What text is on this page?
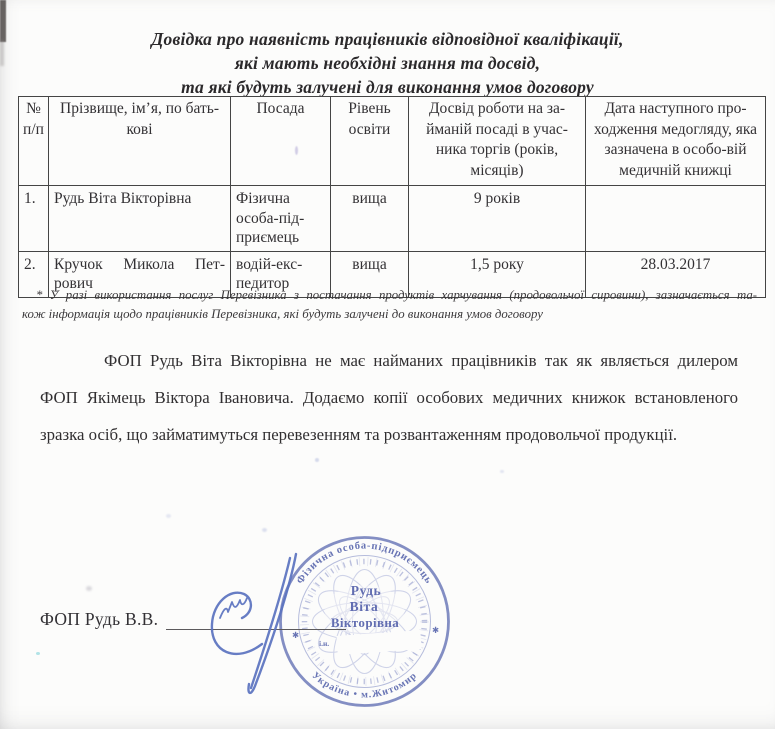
Довідка про наявність працівників відповідної кваліфікації,
які мають необхідні знання та досвід,
та які будуть залучені для виконання умов договору
№ п/п	Прізвище, ім’я, по бать-кові	Посада	Рівень освіти	Досвід роботи на за-йманій посаді в учас-ника торгів (років, місяців)	Дата наступного про-ходження медогляду, яка зазначена в особо-вій медичній книжці
1.	Рудь Віта Вікторівна	Фізична особа-під-приємець	вища	9 років	
2.	Кручок Микола Пет-рович	водій-екс-педитор	вища	1,5 року	28.03.2017
* У разі використання послуг Перевізника з постачання продуктів харчування (продовольчої сировини), зазначається та-
кож інформація щодо працівників Перевізника, які будуть залучені до виконання умов договору
ФОП Рудь Віта Вікторівна не має найманих працівників так як являється дилером
ФОП Якімець Віктора Івановича. Додаємо копії особових медичних книжок встановленого
зразка осіб, що займатимуться перевезенням та розвантаженням продовольчої продукції.
ФОП Рудь В.В.
Фізична особа-підприємець
Україна • м.Житомир
✱	✱
Рудь
Віта
Вікторівна
і.н.
